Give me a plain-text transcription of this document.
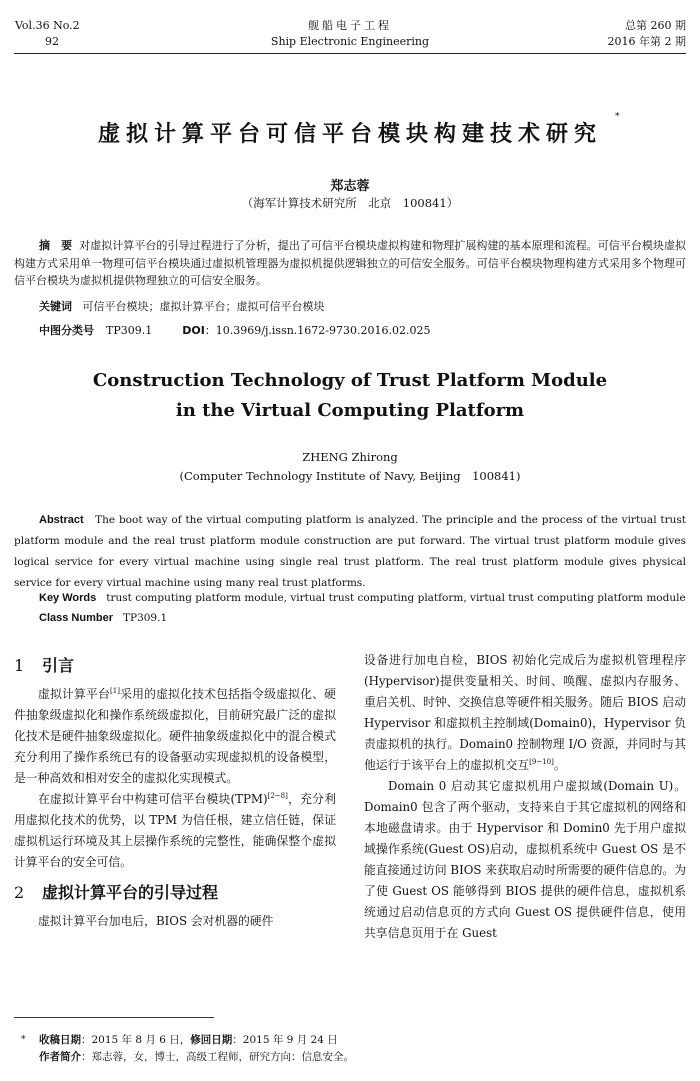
Vol.36 No.2
92
舰船电子工程
Ship Electronic Engineering
总第 260 期
2016 年第 2 期
虚拟计算平台可信平台模块构建技术研究
*
郑志蓉
（海军计算技术研究所　北京　100841）
摘　要 对虚拟计算平台的引导过程进行了分析，提出了可信平台模块虚拟构建和物理扩展构建的基本原理和流程。可信平台模块虚拟构建方式采用单一物理可信平台模块通过虚拟机管理器为虚拟机提供逻辑独立的可信安全服务。可信平台模块物理构建方式采用多个物理可信平台模块为虚拟机提供物理独立的可信安全服务。
关键词 可信平台模块；虚拟计算平台；虚拟可信平台模块
中图分类号 TP309.1	DOI：10.3969/j.issn.1672-9730.2016.02.025
Construction Technology of Trust Platform Module
in the Virtual Computing Platform
ZHENG Zhirong
(Computer Technology Institute of Navy, Beijing　100841)
Abstract The boot way of the virtual computing platform is analyzed. The principle and the process of the virtual trust platform module and the real trust platform module construction are put forward. The virtual trust platform module gives logical service for every virtual machine using single real trust platform. The real trust platform module gives physical service for every virtual machine using many real trust platforms.
Key Words trust computing platform module, virtual trust computing platform, virtual trust computing platform module
Class Number TP309.1
1 引言

虚拟计算平台[1]采用的虚拟化技术包括指令级虚拟化、硬件抽象级虚拟化和操作系统级虚拟化，目前研究最广泛的虚拟化技术是硬件抽象级虚拟化。硬件抽象级虚拟化中的混合模式充分利用了操作系统已有的设备驱动实现虚拟机的设备模型，是一种高效和相对安全的虚拟化实现模式。

在虚拟计算平台中构建可信平台模块(TPM)[2~8]，充分利用虚拟化技术的优势，以 TPM 为信任根，建立信任链，保证虚拟机运行环境及其上层操作系统的完整性，能确保整个虚拟计算平台的安全可信。

2 虚拟计算平台的引导过程

虚拟计算平台加电后，BIOS 会对机器的硬件

设备进行加电自检，BIOS 初始化完成后为虚拟机管理程序(Hypervisor)提供变量相关、时间、唤醒、虚拟内存服务、重启关机、时钟、交换信息等硬件相关服务。随后 BIOS 启动 Hypervisor 和虚拟机主控制域(Domain0)，Hypervisor 负责虚拟机的执行。Domain0 控制物理 I/O 资源，并同时与其他运行于该平台上的虚拟机交互[9~10]。

Domain 0 启动其它虚拟机用户虚拟域(Domain U)。Domain0 包含了两个驱动，支持来自于其它虚拟机的网络和本地磁盘请求。由于 Hypervisor 和 Domin0 先于用户虚拟域操作系统(Guest OS)启动，虚拟机系统中 Guest OS 是不能直接通过访问 BIOS 来获取启动时所需要的硬件信息的。为了使 Guest OS 能够得到 BIOS 提供的硬件信息，虚拟机系统通过启动信息页的方式向 Guest OS 提供硬件信息，使用共享信息页用于在 Guest

* 收稿日期：2015 年 8 月 6 日，修回日期：2015 年 9 月 24 日
作者简介：郑志蓉，女，博士，高级工程师，研究方向：信息安全。
